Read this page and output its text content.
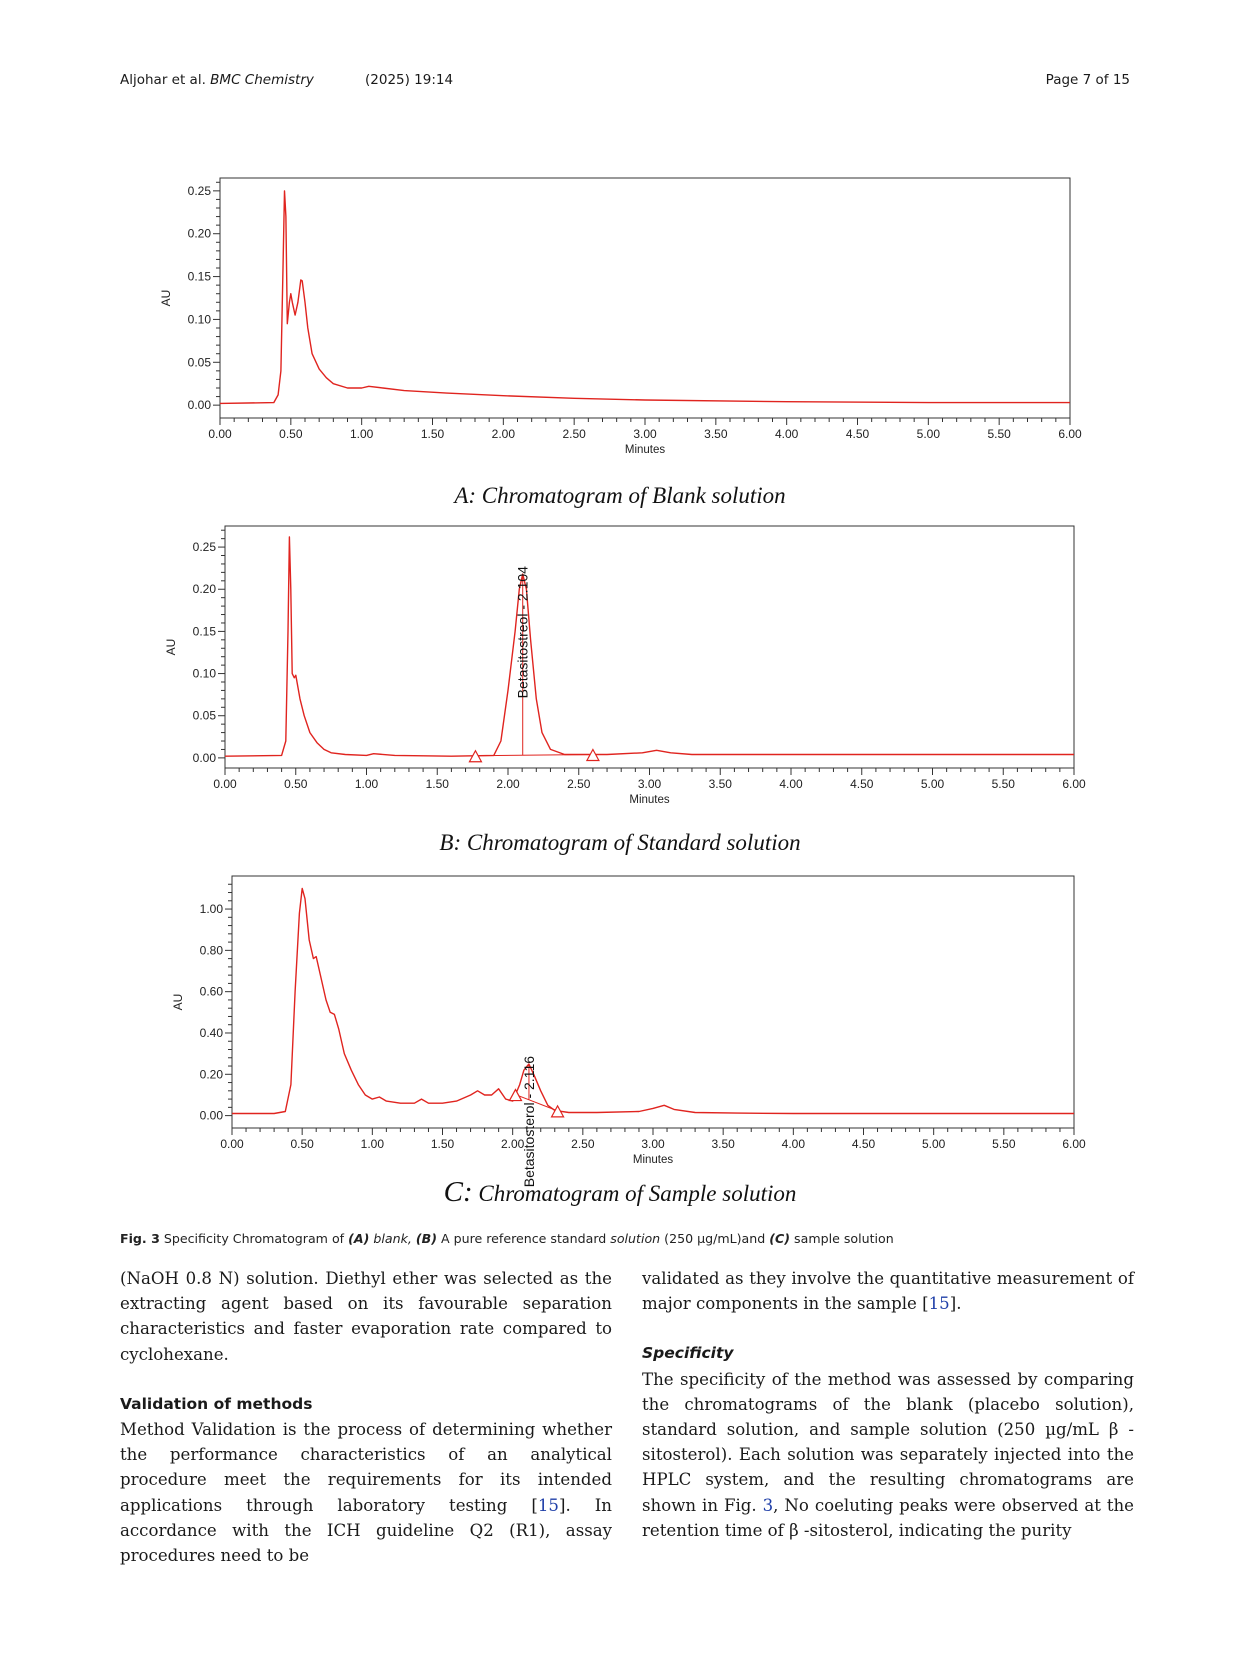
Aljohar et al. BMC Chemistry	(2025) 19:14	Page 7 of 15
0.00	0.50	1.00	1.50	2.00	2.50	3.00	3.50	4.00	4.50	5.00	5.50	6.00
Minutes
0.00
0.05
0.10
0.15
0.20
0.25
AU
A: Chromatogram of Blank solution
0.00	0.50	1.00	1.50	2.00	2.50	3.00	3.50	4.00	4.50	5.00	5.50	6.00
Minutes
0.00
0.05
0.10
0.15
0.20
0.25
AU	Betasitostreol - 2.104
B: Chromatogram of Standard solution
0.00	0.50	1.00	1.50	2.00	2.50	3.00	3.50	4.00	4.50	5.00	5.50	6.00
Minutes
0.00
0.20
0.40
0.60
0.80
1.00
AU
Betasitosterol - 2.116
C: Chromatogram of Sample solution
Fig. 3 Specificity Chromatogram of (A) blank, (B) A pure reference standard solution (250 µg/mL)and (C) sample solution

(NaOH 0.8 N) solution. Diethyl ether was selected as the extracting agent based on its favourable separation characteristics and faster evaporation rate compared to cyclohexane.

Validation of methods

Method Validation is the process of determining whether the performance characteristics of an analytical procedure meet the requirements for its intended applications through laboratory testing [15]. In accordance with the ICH guideline Q2 (R1), assay procedures need to be

validated as they involve the quantitative measurement of major components in the sample [15].

Specificity

The specificity of the method was assessed by comparing the chromatograms of the blank (placebo solution), standard solution, and sample solution (250 µg/mL β -sitosterol). Each solution was separately injected into the HPLC system, and the resulting chromatograms are shown in Fig. 3, No coeluting peaks were observed at the retention time of β -sitosterol, indicating the purity
